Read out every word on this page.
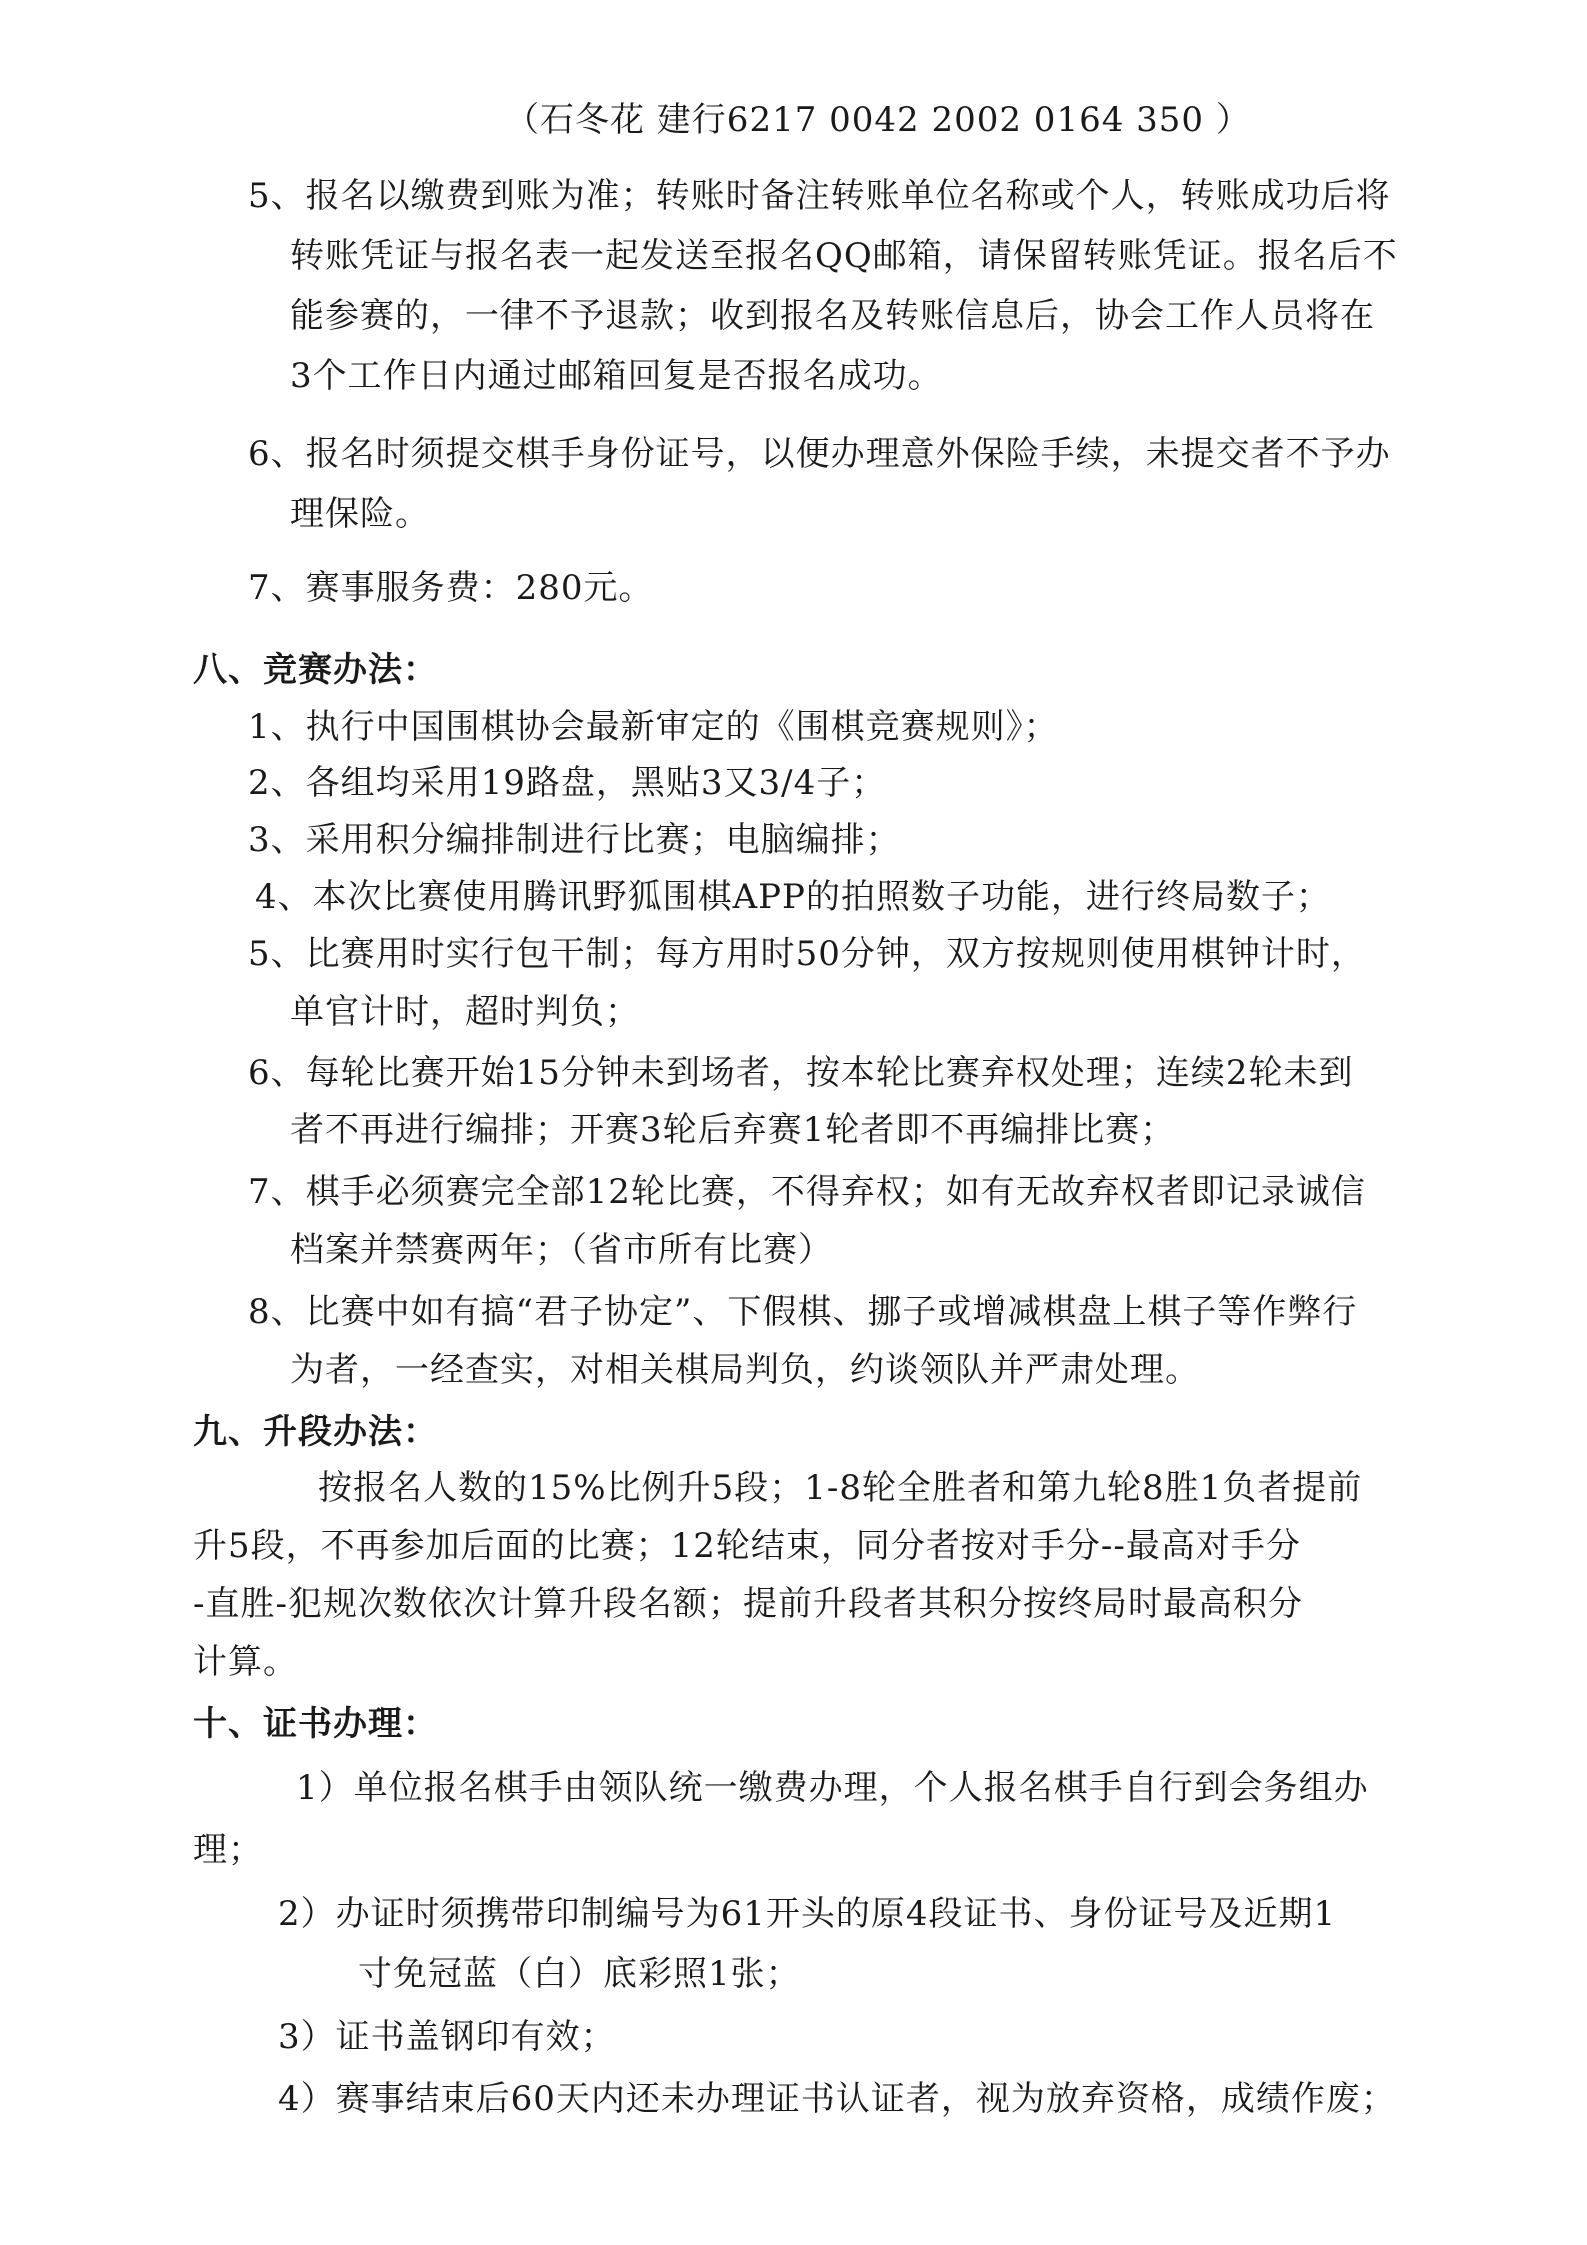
（石冬花 建行6217 0042 2002 0164 350 ）
5、报名以缴费到账为准；转账时备注转账单位名称或个人，转账成功后将
转账凭证与报名表一起发送至报名QQ邮箱，请保留转账凭证。报名后不
能参赛的，一律不予退款；收到报名及转账信息后，协会工作人员将在
3个工作日内通过邮箱回复是否报名成功。
6、报名时须提交棋手身份证号，以便办理意外保险手续，未提交者不予办
理保险。
7、赛事服务费：280元。
八、竞赛办法：
1、执行中国围棋协会最新审定的《围棋竞赛规则》；
2、各组均采用19路盘，黑贴3又3/4子；
3、采用积分编排制进行比赛；电脑编排；
4、本次比赛使用腾讯野狐围棋APP的拍照数子功能，进行终局数子；
5、比赛用时实行包干制；每方用时50分钟，双方按规则使用棋钟计时，
单官计时，超时判负；
6、每轮比赛开始15分钟未到场者，按本轮比赛弃权处理；连续2轮未到
者不再进行编排；开赛3轮后弃赛1轮者即不再编排比赛；
7、棋手必须赛完全部12轮比赛，不得弃权；如有无故弃权者即记录诚信
档案并禁赛两年；（省市所有比赛）
8、比赛中如有搞“君子协定”、下假棋、挪子或增减棋盘上棋子等作弊行
为者，一经查实，对相关棋局判负，约谈领队并严肃处理。
九、升段办法：
按报名人数的15%比例升5段；1-8轮全胜者和第九轮8胜1负者提前
升5段，不再参加后面的比赛；12轮结束，同分者按对手分--最高对手分
-直胜-犯规次数依次计算升段名额；提前升段者其积分按终局时最高积分
计算。
十、证书办理：
1）单位报名棋手由领队统一缴费办理，个人报名棋手自行到会务组办
理；
2）办证时须携带印制编号为61开头的原4段证书、身份证号及近期1
寸免冠蓝（白）底彩照1张；
3）证书盖钢印有效；
4）赛事结束后60天内还未办理证书认证者，视为放弃资格，成绩作废；
